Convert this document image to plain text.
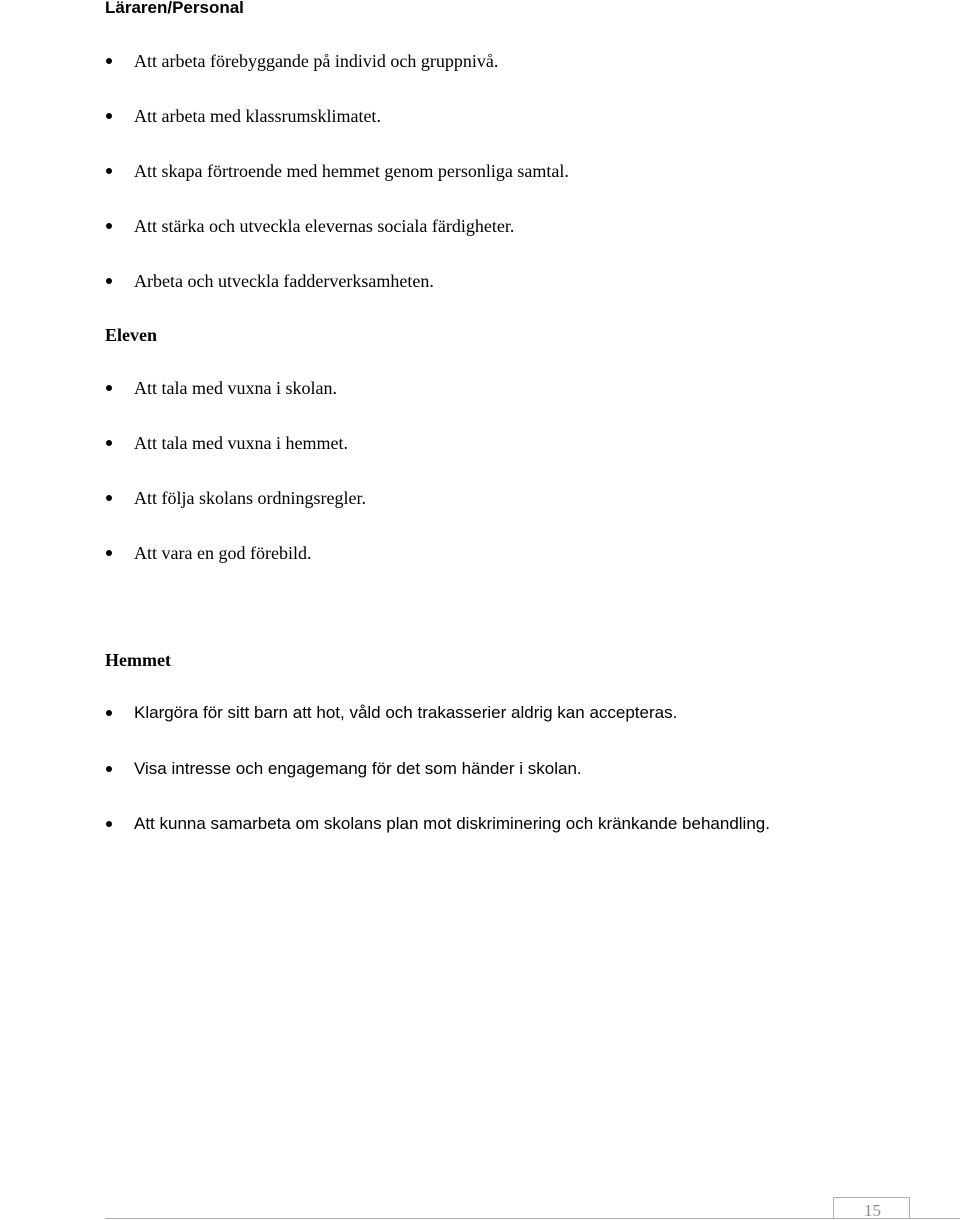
Läraren/Personal
Att arbeta förebyggande på individ och gruppnivå.
Att arbeta med klassrumsklimatet.
Att skapa förtroende med hemmet genom personliga samtal.
Att stärka och utveckla elevernas sociala färdigheter.
Arbeta och utveckla fadderverksamheten.
Eleven
Att tala med vuxna i skolan.
Att tala med vuxna i hemmet.
Att följa skolans ordningsregler.
Att vara en god förebild.
Hemmet
Klargöra för sitt barn att hot, våld och trakasserier aldrig kan accepteras.
Visa intresse och engagemang för det som händer i skolan.
Att kunna samarbeta om skolans plan mot diskriminering och kränkande behandling.
15
